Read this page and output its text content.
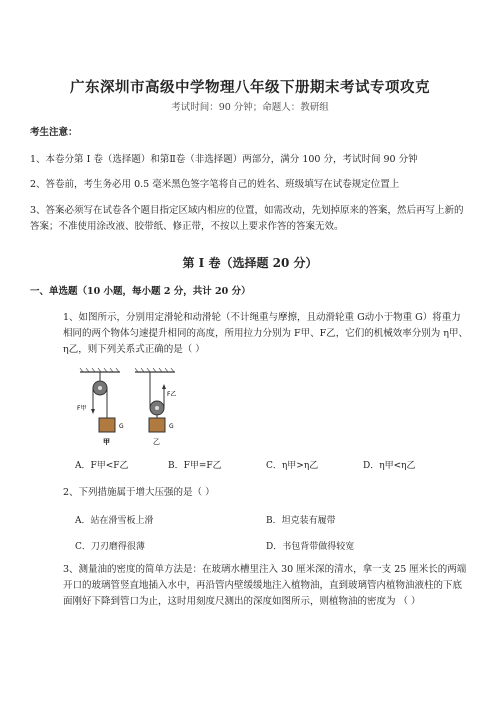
广东深圳市高级中学物理八年级下册期末考试专项攻克
考试时间：90 分钟；命题人：教研组
考生注意：
1、本卷分第 I 卷（选择题）和第Ⅱ卷（非选择题）两部分，满分 100 分，考试时间 90 分钟
2、答卷前，考生务必用 0.5 毫米黑色签字笔将自己的姓名、班级填写在试卷规定位置上
3、答案必须写在试卷各个题目指定区域内相应的位置，如需改动，先划掉原来的答案，然后再写上新的答案；不准使用涂改液、胶带纸、修正带，不按以上要求作答的答案无效。
第 I 卷（选择题 20 分）
一、单选题（10 小题，每小题 2 分，共计 20 分）
1、如图所示，分别用定滑轮和动滑轮（不计绳重与摩擦，且动滑轮重 G动小于物重 G）将重力相同的两个物体匀速提升相同的高度，所用拉力分别为 F甲、F乙，它们的机械效率分别为 η甲、η乙，则下列关系式正确的是（ ）
F甲
F乙
G	G
甲	乙
A．F甲<F乙	B．F甲=F乙	C．η甲>η乙	D．η甲<η乙
2、下列措施属于增大压强的是（ ）
A．站在滑雪板上滑	B．坦克装有履带
C．刀刃磨得很薄	D．书包背带做得较宽
3、测量油的密度的简单方法是：在玻璃水槽里注入 30 厘米深的清水，拿一支 25 厘米长的两端开口的玻璃管竖直地插入水中，再沿管内壁缓缓地注入植物油，直到玻璃管内植物油液柱的下底面刚好下降到管口为止，这时用刻度尺测出的深度如图所示，则植物油的密度为 （ ）
